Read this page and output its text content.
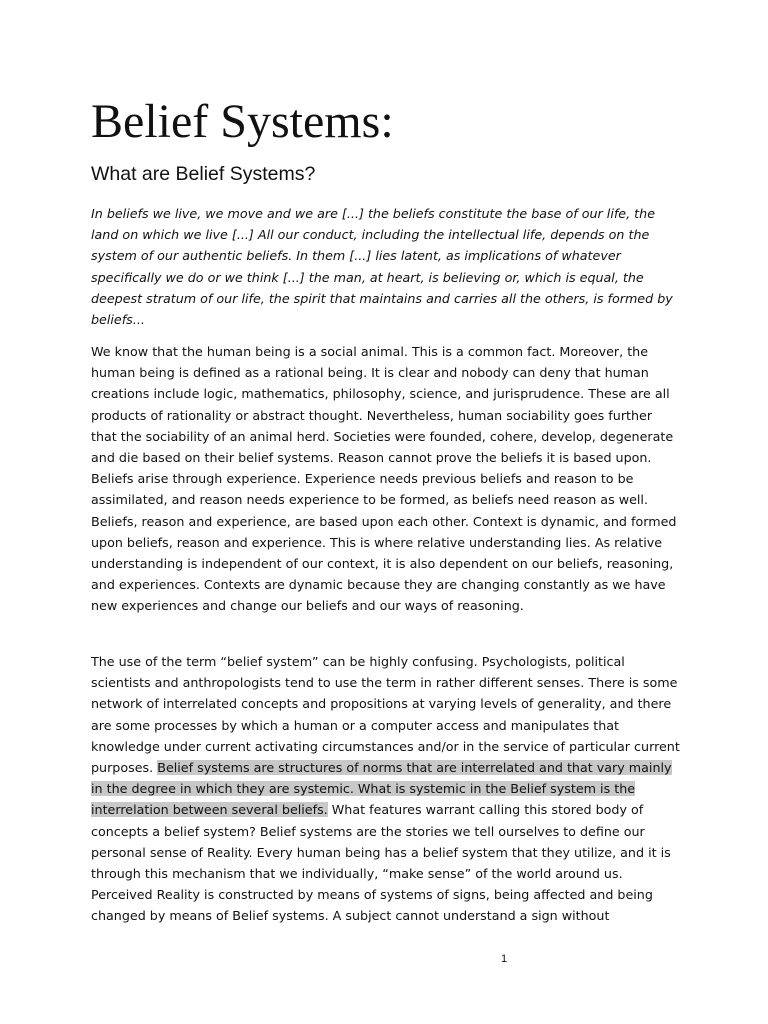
Belief Systems:
What are Belief Systems?

In beliefs we live, we move and we are [...] the beliefs constitute the base of our life, the land on which we live [...] All our conduct, including the intellectual life, depends on the system of our authentic beliefs. In them [...] lies latent, as implications of whatever specifically we do or we think [...] the man, at heart, is believing or, which is equal, the deepest stratum of our life, the spirit that maintains and carries all the others, is formed by beliefs...

We know that the human being is a social animal. This is a common fact. Moreover, the human being is defined as a rational being. It is clear and nobody can deny that human creations include logic, mathematics, philosophy, science, and jurisprudence. These are all products of rationality or abstract thought. Nevertheless, human sociability goes further that the sociability of an animal herd. Societies were founded, cohere, develop, degenerate and die based on their belief systems. Reason cannot prove the beliefs it is based upon. Beliefs arise through experience. Experience needs previous beliefs and reason to be assimilated, and reason needs experience to be formed, as beliefs need reason as well. Beliefs, reason and experience, are based upon each other. Context is dynamic, and formed upon beliefs, reason and experience. This is where relative understanding lies. As relative understanding is independent of our context, it is also dependent on our beliefs, reasoning, and experiences. Contexts are dynamic because they are changing constantly as we have new experiences and change our beliefs and our ways of reasoning.

The use of the term “belief system” can be highly confusing. Psychologists, political scientists and anthropologists tend to use the term in rather different senses. There is some network of interrelated concepts and propositions at varying levels of generality, and there are some processes by which a human or a computer access and manipulates that knowledge under current activating circumstances and/or in the service of particular current purposes. Belief systems are structures of norms that are interrelated and that vary mainly in the degree in which they are systemic. What is systemic in the Belief system is the interrelation between several beliefs. What features warrant calling this stored body of concepts a belief system? Belief systems are the stories we tell ourselves to define our personal sense of Reality. Every human being has a belief system that they utilize, and it is through this mechanism that we individually, “make sense” of the world around us. Perceived Reality is constructed by means of systems of signs, being affected and being changed by means of Belief systems. A subject cannot understand a sign without

1
